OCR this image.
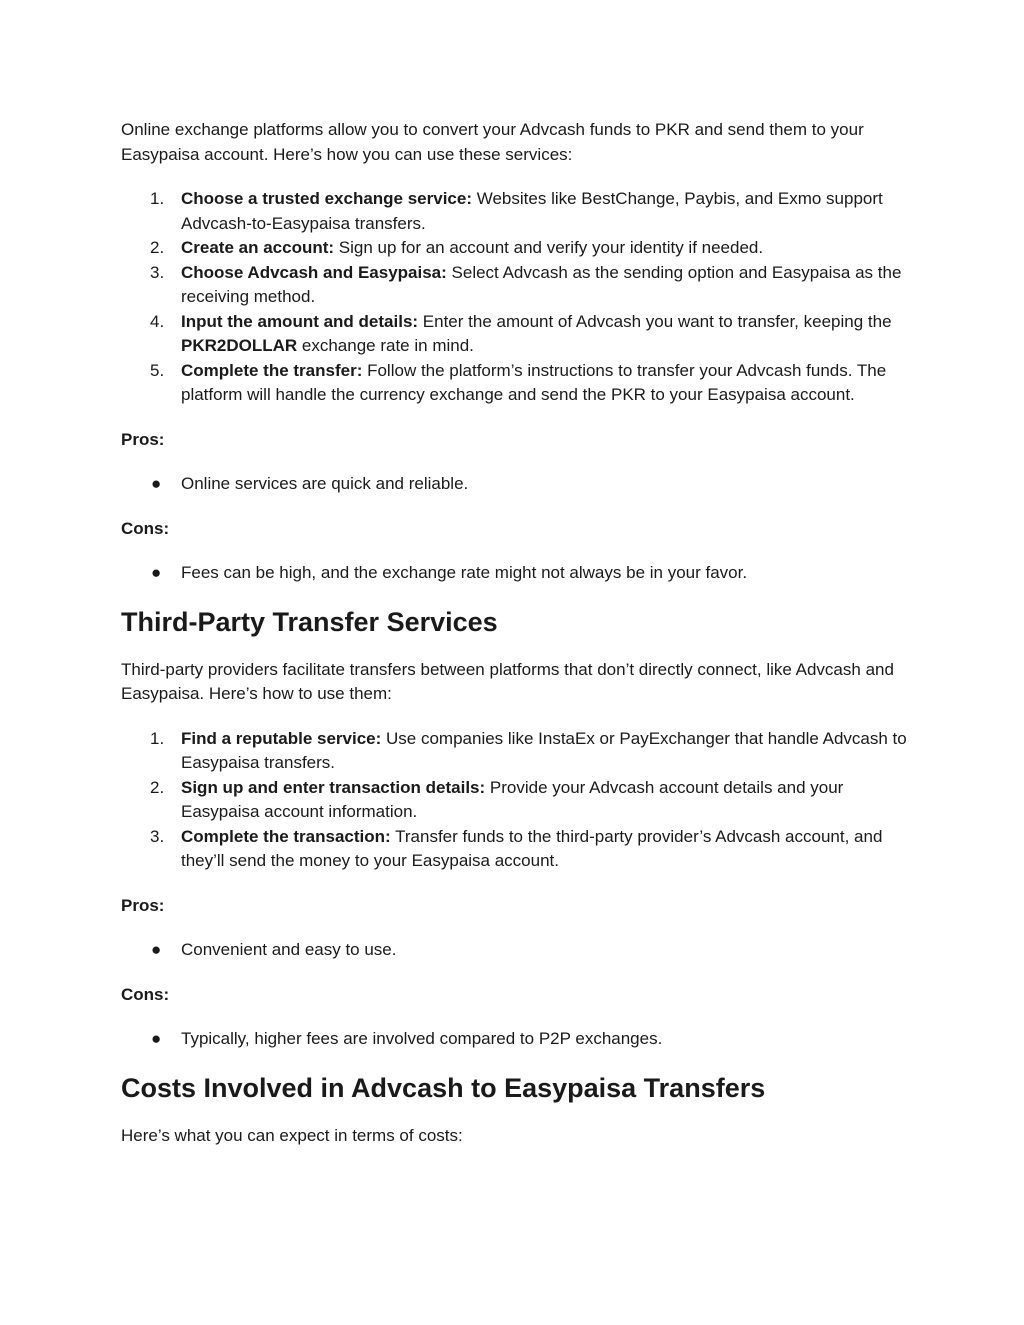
Online exchange platforms allow you to convert your Advcash funds to PKR and send them to your Easypaisa account. Here’s how you can use these services:

1. Choose a trusted exchange service: Websites like BestChange, Paybis, and Exmo support Advcash-to-Easypaisa transfers.
2. Create an account: Sign up for an account and verify your identity if needed.
3. Choose Advcash and Easypaisa: Select Advcash as the sending option and Easypaisa as the receiving method.
4. Input the amount and details: Enter the amount of Advcash you want to transfer, keeping the PKR2DOLLAR exchange rate in mind.
5. Complete the transfer: Follow the platform’s instructions to transfer your Advcash funds. The platform will handle the currency exchange and send the PKR to your Easypaisa account.

Pros:

● Online services are quick and reliable.

Cons:

● Fees can be high, and the exchange rate might not always be in your favor.
Third-Party Transfer Services

Third-party providers facilitate transfers between platforms that don’t directly connect, like Advcash and Easypaisa. Here’s how to use them:

1. Find a reputable service: Use companies like InstaEx or PayExchanger that handle Advcash to Easypaisa transfers.
2. Sign up and enter transaction details: Provide your Advcash account details and your Easypaisa account information.
3. Complete the transaction: Transfer funds to the third-party provider’s Advcash account, and they’ll send the money to your Easypaisa account.

Pros:

● Convenient and easy to use.

Cons:

● Typically, higher fees are involved compared to P2P exchanges.
Costs Involved in Advcash to Easypaisa Transfers

Here’s what you can expect in terms of costs:
